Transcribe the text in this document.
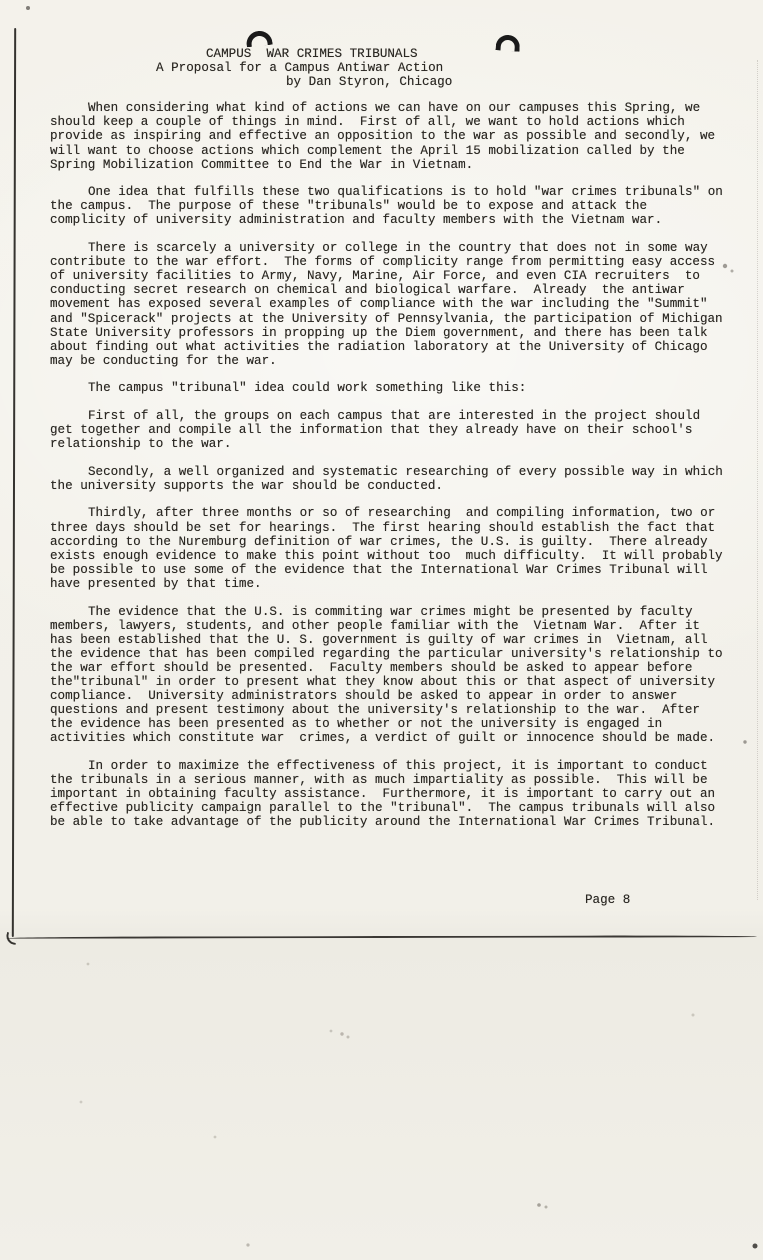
CAMPUS  WAR CRIMES TRIBUNALS
A Proposal for a Campus Antiwar Action
by Dan Styron, Chicago

When considering what kind of actions we can have on our campuses this Spring, we should keep a couple of things in mind.  First of all, we want to hold actions which provide as inspiring and effective an opposition to the war as possible and secondly, we will want to choose actions which complement the April 15 mobilization called by the Spring Mobilization Committee to End the War in Vietnam.

One idea that fulfills these two qualifications is to hold "war crimes tribunals" on the campus.  The purpose of these "tribunals" would be to expose and attack the complicity of university administration and faculty members with the Vietnam war.

There is scarcely a university or college in the country that does not in some way contribute to the war effort.  The forms of complicity range from permitting easy access of university facilities to Army, Navy, Marine, Air Force, and even CIA recruiters  to conducting secret research on chemical and biological warfare.  Already  the antiwar movement has exposed several examples of compliance with the war including the "Summit" and "Spicerack" projects at the University of Pennsylvania, the participation of Michigan State University professors in propping up the Diem government, and there has been talk about finding out what activities the radiation laboratory at the University of Chicago may be conducting for the war.

The campus "tribunal" idea could work something like this:

First of all, the groups on each campus that are interested in the project should get together and compile all the information that they already have on their school's relationship to the war.

Secondly, a well organized and systematic researching of every possible way in which the university supports the war should be conducted.

Thirdly, after three months or so of researching  and compiling information, two or three days should be set for hearings.  The first hearing should establish the fact that according to the Nuremburg definition of war crimes, the U.S. is guilty.  There already exists enough evidence to make this point without too  much difficulty.  It will probably be possible to use some of the evidence that the International War Crimes Tribunal will have presented by that time.

The evidence that the U.S. is commiting war crimes might be presented by faculty members, lawyers, students, and other people familiar with the  Vietnam War.  After it has been established that the U. S. government is guilty of war crimes in  Vietnam, all the evidence that has been compiled regarding the particular university's relationship to the war effort should be presented.  Faculty members should be asked to appear before the"tribunal" in order to present what they know about this or that aspect of university compliance.  University administrators should be asked to appear in order to answer questions and present testimony about the university's relationship to the war.  After the evidence has been presented as to whether or not the university is engaged in activities which constitute war  crimes, a verdict of guilt or innocence should be made.

In order to maximize the effectiveness of this project, it is important to conduct the tribunals in a serious manner, with as much impartiality as possible.  This will be important in obtaining faculty assistance.  Furthermore, it is important to carry out an effective publicity campaign parallel to the "tribunal".  The campus tribunals will also be able to take advantage of the publicity around the International War Crimes Tribunal.

Page 8
